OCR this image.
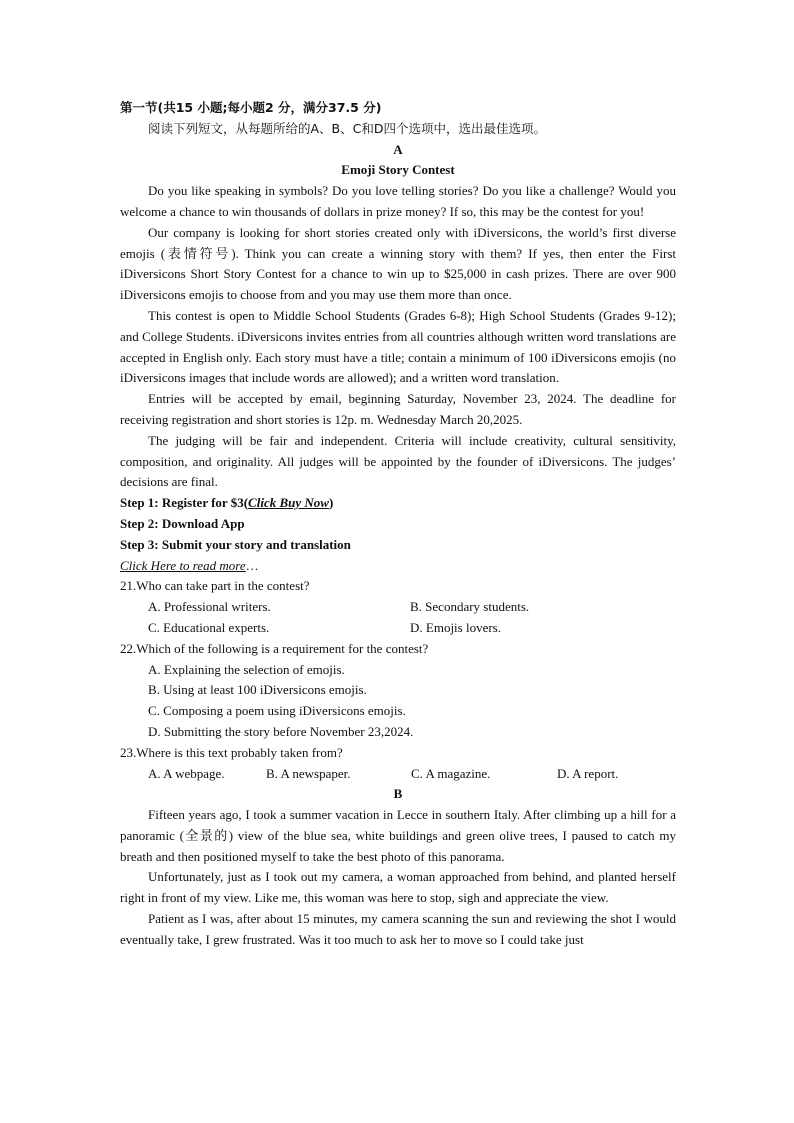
第一节(共15 小题;每小题2 分，满分37.5 分)

阅读下列短文，从每题所给的A、B、C和D四个选项中，选出最佳选项。

A

Emoji Story Contest

Do you like speaking in symbols? Do you love telling stories? Do you like a challenge? Would you welcome a chance to win thousands of dollars in prize money? If so, this may be the contest for you!

Our company is looking for short stories created only with iDiversicons, the world’s first diverse emojis (表情符号). Think you can create a winning story with them? If yes, then enter the First iDiversicons Short Story Contest for a chance to win up to $25,000 in cash prizes. There are over 900 iDiversicons emojis to choose from and you may use them more than once.

This contest is open to Middle School Students (Grades 6-8); High School Students (Grades 9-12); and College Students. iDiversicons invites entries from all countries although written word translations are accepted in English only. Each story must have a title; contain a minimum of 100 iDiversicons emojis (no iDiversicons images that include words are allowed); and a written word translation.

Entries will be accepted by email, beginning Saturday, November 23, 2024. The deadline for receiving registration and short stories is 12p. m. Wednesday March 20,2025.

The judging will be fair and independent. Criteria will include creativity, cultural sensitivity, composition, and originality. All judges will be appointed by the founder of iDiversicons. The judges’ decisions are final.

Step 1: Register for $3(Click Buy Now)

Step 2: Download App

Step 3: Submit your story and translation

Click Here to read more…

21.Who can take part in the contest?

A. Professional writers.	B. Secondary students.
C. Educational experts.	D. Emojis lovers.

22.Which of the following is a requirement for the contest?

A. Explaining the selection of emojis.
B. Using at least 100 iDiversicons emojis.
C. Composing a poem using iDiversicons emojis.
D. Submitting the story before November 23,2024.

23.Where is this text probably taken from?

A. A webpage.	B. A newspaper.	C. A magazine.	D. A report.

B

Fifteen years ago, I took a summer vacation in Lecce in southern Italy. After climbing up a hill for a panoramic (全景的) view of the blue sea, white buildings and green olive trees, I paused to catch my breath and then positioned myself to take the best photo of this panorama.

Unfortunately, just as I took out my camera, a woman approached from behind, and planted herself right in front of my view. Like me, this woman was here to stop, sigh and appreciate the view.

Patient as I was, after about 15 minutes, my camera scanning the sun and reviewing the shot I would eventually take, I grew frustrated. Was it too much to ask her to move so I could take just
